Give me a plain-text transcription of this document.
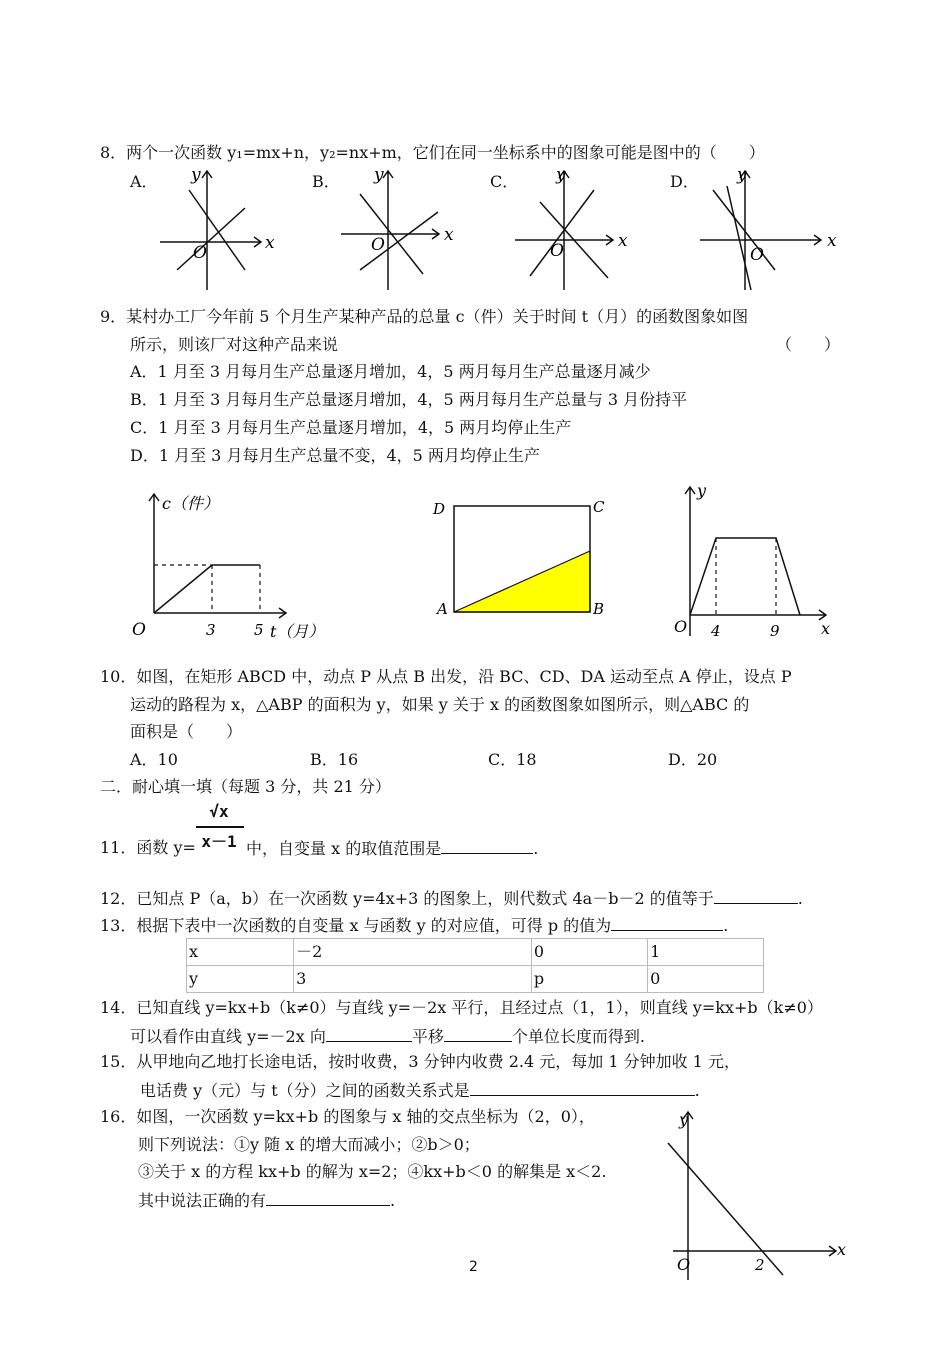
8．两个一次函数 y₁=mx+n，y₂=nx+m，它们在同一坐标系中的图象可能是图中的（　　）
A．	B．	C．	D．
y
x
O
y
x
O
y
x
O
y
x
O
9．某村办工厂今年前 5 个月生产某种产品的总量 c（件）关于时间 t（月）的函数图象如图
所示，则该厂对这种产品来说	（　　）
A．1 月至 3 月每月生产总量逐月增加，4，5 两月每月生产总量逐月减少
B．1 月至 3 月每月生产总量逐月增加，4，5 两月每月生产总量与 3 月份持平
C．1 月至 3 月每月生产总量逐月增加，4，5 两月均停止生产
D．1 月至 3 月每月生产总量不变，4，5 两月均停止生产
c（件）
O	3	5 t（月）
D	C
A	B
y
O 4	9	x
10．如图，在矩形 ABCD 中，动点 P 从点 B 出发，沿 BC、CD、DA 运动至点 A 停止，设点 P
运动的路程为 x，△ABP 的面积为 y，如果 y 关于 x 的函数图象如图所示，则△ABC 的
面积是（　　）
A．10	B．16	C．18	D．20
二．耐心填一填（每题 3 分，共 21 分）
√x
x－1
11．函数 y=	中，自变量 x 的取值范围是	.
12．已知点 P（a，b）在一次函数 y=4x+3 的图象上，则代数式 4a－b－2 的值等于	.
13．根据下表中一次函数的自变量 x 与函数 y 的对应值，可得 p 的值为	.
x	－2	0	1
y	3	p	0
14．已知直线 y=kx+b（k≠0）与直线 y=－2x 平行，且经过点（1，1），则直线 y=kx+b（k≠0）
可以看作由直线 y=－2x 向	平移	个单位长度而得到.
15．从甲地向乙地打长途电话，按时收费，3 分钟内收费 2.4 元，每加 1 分钟加收 1 元，
电话费 y（元）与 t（分）之间的函数关系式是	.
16．如图，一次函数 y=kx+b 的图象与 x 轴的交点坐标为（2，0），
则下列说法：①y 随 x 的增大而减小；②b＞0；
③关于 x 的方程 kx+b 的解为 x=2；④kx+b＜0 的解集是 x＜2.
其中说法正确的有	.
y
x
O	2
2
